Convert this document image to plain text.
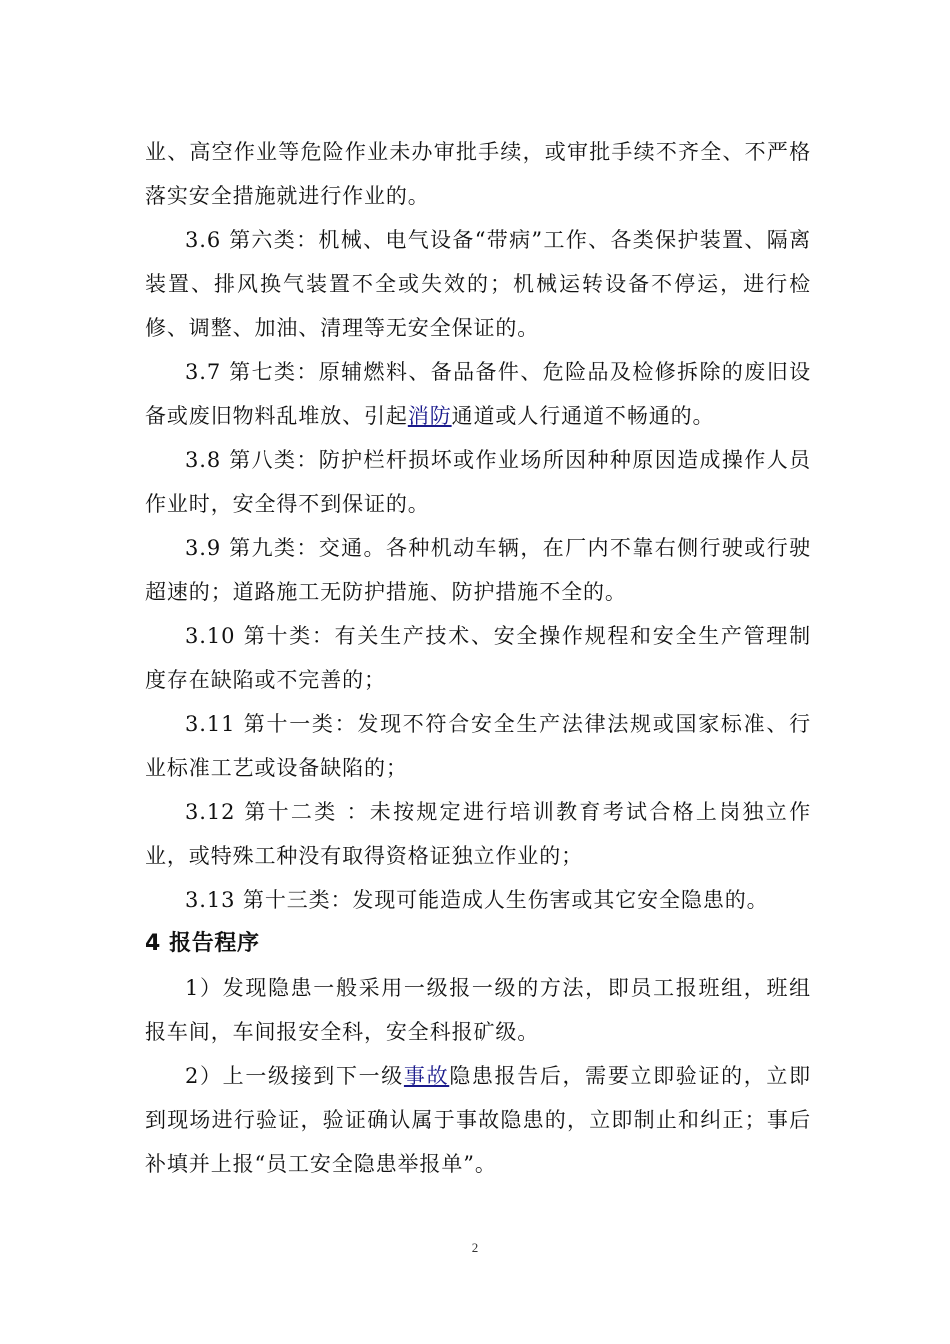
业、高空作业等危险作业未办审批手续，或审批手续不齐全、不严格落实安全措施就进行作业的。

3.6 第六类：机械、电气设备“带病”工作、各类保护装置、隔离装置、排风换气装置不全或失效的；机械运转设备不停运，进行检修、调整、加油、清理等无安全保证的。

3.7 第七类：原辅燃料、备品备件、危险品及检修拆除的废旧设备或废旧物料乱堆放、引起消防通道或人行通道不畅通的。

3.8 第八类：防护栏杆损坏或作业场所因种种原因造成操作人员作业时，安全得不到保证的。

3.9 第九类：交通。各种机动车辆，在厂内不靠右侧行驶或行驶超速的；道路施工无防护措施、防护措施不全的。

3.10 第十类：有关生产技术、安全操作规程和安全生产管理制度存在缺陷或不完善的；

3.11 第十一类：发现不符合安全生产法律法规或国家标准、行业标准工艺或设备缺陷的；

3.12 第十二类 ：未按规定进行培训教育考试合格上岗独立作业，或特殊工种没有取得资格证独立作业的；

3.13 第十三类：发现可能造成人生伤害或其它安全隐患的。

4 报告程序

1）发现隐患一般采用一级报一级的方法，即员工报班组，班组报车间，车间报安全科，安全科报矿级。

2）上一级接到下一级事故隐患报告后，需要立即验证的，立即到现场进行验证，验证确认属于事故隐患的，立即制止和纠正；事后补填并上报“员工安全隐患举报单”。

2
